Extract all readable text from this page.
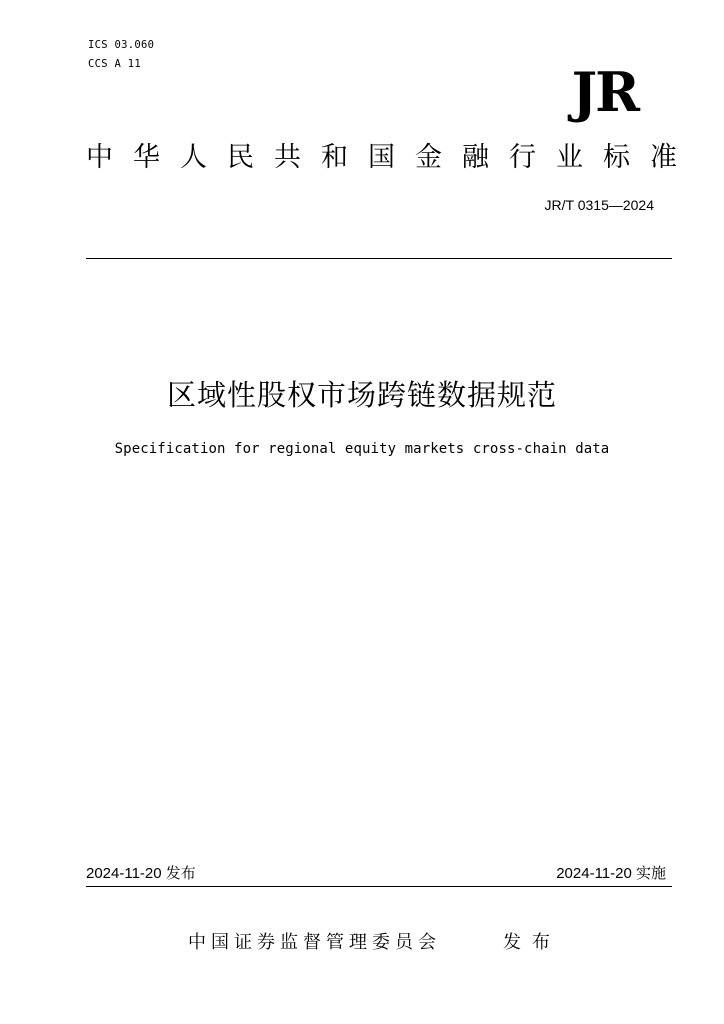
ICS 03.060
CCS A 11	JR
中华人民共和国金融行业标准
JR/T 0315—2024
区域性股权市场跨链数据规范
Specification for regional equity markets cross-chain data
2024-11-20 发布	2024-11-20 实施
中国证券监督管理委员会	发布
